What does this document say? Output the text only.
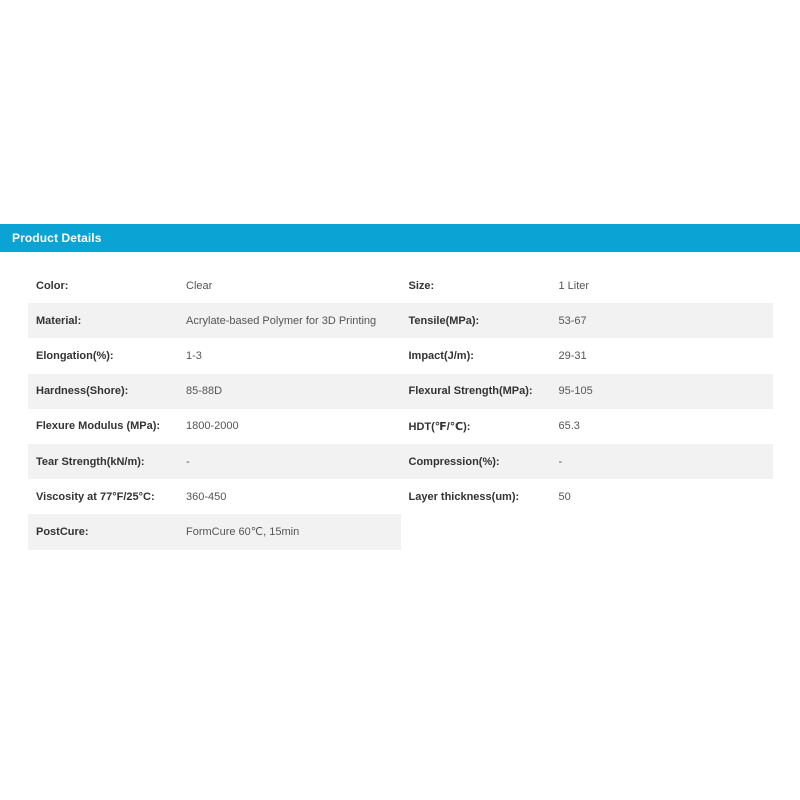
Product Details
Color:	Clear	Size:	1 Liter
Material:	Acrylate-based Polymer for 3D Printing	Tensile(MPa):	53-67
Elongation(%):	1-3	Impact(J/m):	29-31
Hardness(Shore):	85-88D	Flexural Strength(MPa):	95-105
Flexure Modulus (MPa):	1800-2000	HDT(℉/℃):	65.3
Tear Strength(kN/m):	-	Compression(%):	-
Viscosity at 77°F/25°C:	360-450	Layer thickness(um):	50
PostCure:	FormCure 60℃, 15min
